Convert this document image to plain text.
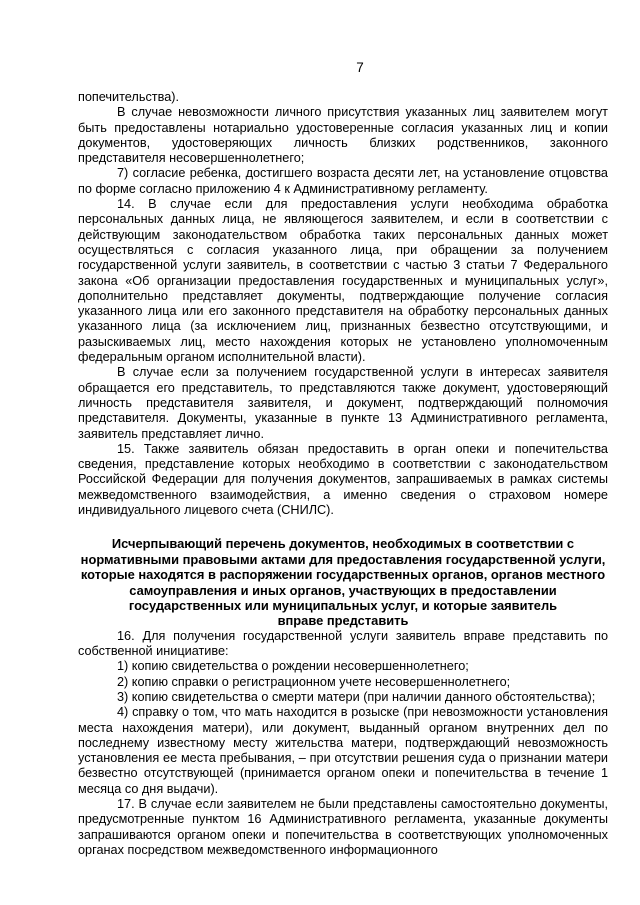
7

попечительства).

В случае невозможности личного присутствия указанных лиц заявителем могут быть предоставлены нотариально удостоверенные согласия указанных лиц и копии документов, удостоверяющих личность близких родственников, законного представителя несовершеннолетнего;

7) согласие ребенка, достигшего возраста десяти лет, на установление отцовства по форме согласно приложению 4 к Административному регламенту.

14. В случае если для предоставления услуги необходима обработка персональных данных лица, не являющегося заявителем, и если в соответствии с действующим законодательством обработка таких персональных данных может осуществляться с согласия указанного лица, при обращении за получением государственной услуги заявитель, в соответствии с частью 3 статьи 7 Федерального закона «Об организации предоставления государственных и муниципальных услуг», дополнительно представляет документы, подтверждающие получение согласия указанного лица или его законного представителя на обработку персональных данных указанного лица (за исключением лиц, признанных безвестно отсутствующими, и разыскиваемых лиц, место нахождения которых не установлено уполномоченным федеральным органом исполнительной власти).

В случае если за получением государственной услуги в интересах заявителя обращается его представитель, то представляются также документ, удостоверяющий личность представителя заявителя, и документ, подтверждающий полномочия представителя. Документы, указанные в пункте 13 Административного регламента, заявитель представляет лично.

15. Также заявитель обязан предоставить в орган опеки и попечительства сведения, представление которых необходимо в соответствии с законодательством Российской Федерации для получения документов, запрашиваемых в рамках системы межведомственного взаимодействия, а именно сведения о страховом номере индивидуального лицевого счета (СНИЛС).

Исчерпывающий перечень документов, необходимых в соответствии с
нормативными правовыми актами для предоставления государственной услуги,
которые находятся в распоряжении государственных органов, органов местного
самоуправления и иных органов, участвующих в предоставлении
государственных или муниципальных услуг, и которые заявитель
вправе представить

16. Для получения государственной услуги заявитель вправе представить по собственной инициативе:

1) копию свидетельства о рождении несовершеннолетнего;

2) копию справки о регистрационном учете несовершеннолетнего;

3) копию свидетельства о смерти матери (при наличии данного обстоятельства);

4) справку о том, что мать находится в розыске (при невозможности установления места нахождения матери), или документ, выданный органом внутренних дел по последнему известному месту жительства матери, подтверждающий невозможность установления ее места пребывания, – при отсутствии решения суда о признании матери безвестно отсутствующей (принимается органом опеки и попечительства в течение 1 месяца со дня выдачи).

17. В случае если заявителем не были представлены самостоятельно документы, предусмотренные пунктом 16 Административного регламента, указанные документы запрашиваются органом опеки и попечительства в соответствующих уполномоченных органах посредством межведомственного информационного
